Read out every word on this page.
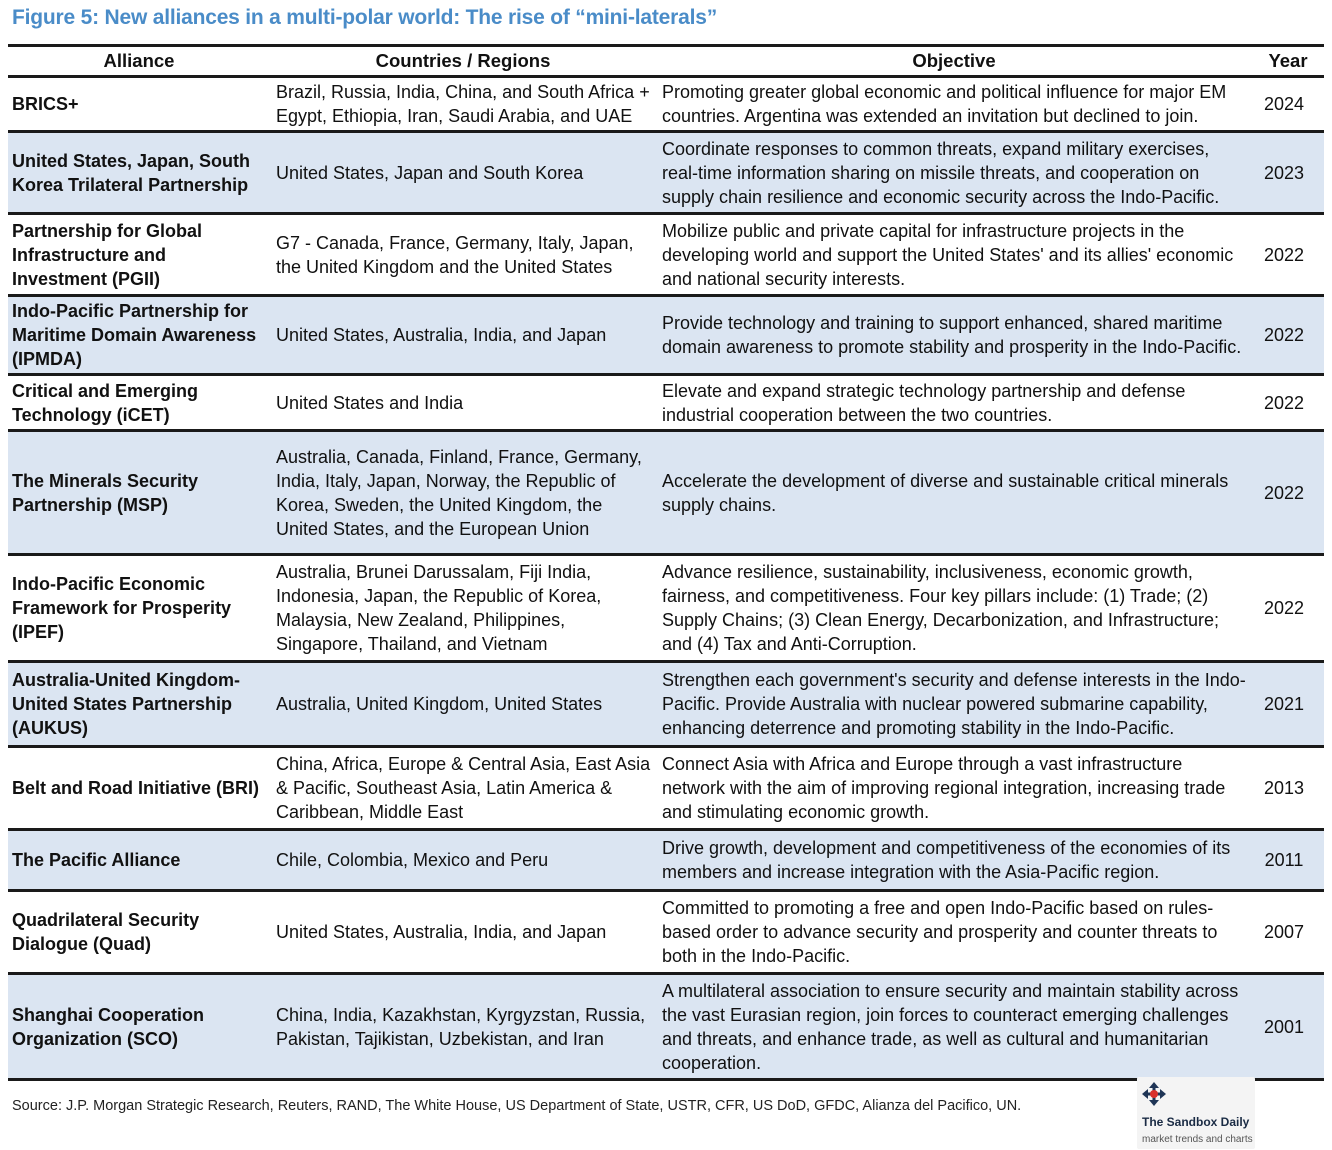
Figure 5: New alliances in a multi-polar world: The rise of “mini-laterals”
Alliance	Countries / Regions	Objective	Year
BRICS+	Brazil, Russia, India, China, and South Africa + Egypt, Ethiopia, Iran, Saudi Arabia, and UAE	Promoting greater global economic and political influence for major EM countries. Argentina was extended an invitation but declined to join.	2024
United States, Japan, South Korea Trilateral Partnership	United States, Japan and South Korea	Coordinate responses to common threats, expand military exercises, real-time information sharing on missile threats, and cooperation on supply chain resilience and economic security across the Indo-Pacific.	2023
Partnership for Global Infrastructure and Investment (PGII)	G7 - Canada, France, Germany, Italy, Japan, the United Kingdom and the United States	Mobilize public and private capital for infrastructure projects in the developing world and support the United States' and its allies' economic and national security interests.	2022
Indo-Pacific Partnership for Maritime Domain Awareness (IPMDA)	United States, Australia, India, and Japan	Provide technology and training to support enhanced, shared maritime domain awareness to promote stability and prosperity in the Indo-Pacific.	2022
Critical and Emerging Technology (iCET)	United States and India	Elevate and expand strategic technology partnership and defense industrial cooperation between the two countries.	2022
The Minerals Security Partnership (MSP)	Australia, Canada, Finland, France, Germany, India, Italy, Japan, Norway, the Republic of Korea, Sweden, the United Kingdom, the United States, and the European Union	Accelerate the development of diverse and sustainable critical minerals supply chains.	2022
Indo-Pacific Economic Framework for Prosperity (IPEF)	Australia, Brunei Darussalam, Fiji India, Indonesia, Japan, the Republic of Korea, Malaysia, New Zealand, Philippines, Singapore, Thailand, and Vietnam	Advance resilience, sustainability, inclusiveness, economic growth, fairness, and competitiveness. Four key pillars include: (1) Trade; (2) Supply Chains; (3) Clean Energy, Decarbonization, and Infrastructure; and (4) Tax and Anti-Corruption.	2022
Australia-United Kingdom-United States Partnership (AUKUS)	Australia, United Kingdom, United States	Strengthen each government's security and defense interests in the Indo-Pacific. Provide Australia with nuclear powered submarine capability, enhancing deterrence and promoting stability in the Indo-Pacific.	2021
Belt and Road Initiative (BRI)	China, Africa, Europe & Central Asia, East Asia & Pacific, Southeast Asia, Latin America & Caribbean, Middle East	Connect Asia with Africa and Europe through a vast infrastructure network with the aim of improving regional integration, increasing trade and stimulating economic growth.	2013
The Pacific Alliance	Chile, Colombia, Mexico and Peru	Drive growth, development and competitiveness of the economies of its members and increase integration with the Asia-Pacific region.	2011
Quadrilateral Security Dialogue (Quad)	United States, Australia, India, and Japan	Committed to promoting a free and open Indo-Pacific based on rules-based order to advance security and prosperity and counter threats to both in the Indo-Pacific.	2007
Shanghai Cooperation Organization (SCO)	China, India, Kazakhstan, Kyrgyzstan, Russia, Pakistan, Tajikistan, Uzbekistan, and Iran	A multilateral association to ensure security and maintain stability across the vast Eurasian region, join forces to counteract emerging challenges and threats, and enhance trade, as well as cultural and humanitarian cooperation.	2001
Source: J.P. Morgan Strategic Research, Reuters, RAND, The White House, US Department of State, USTR, CFR, US DoD, GFDC, Alianza del Pacifico, UN.
The Sandbox Daily
market trends and charts
